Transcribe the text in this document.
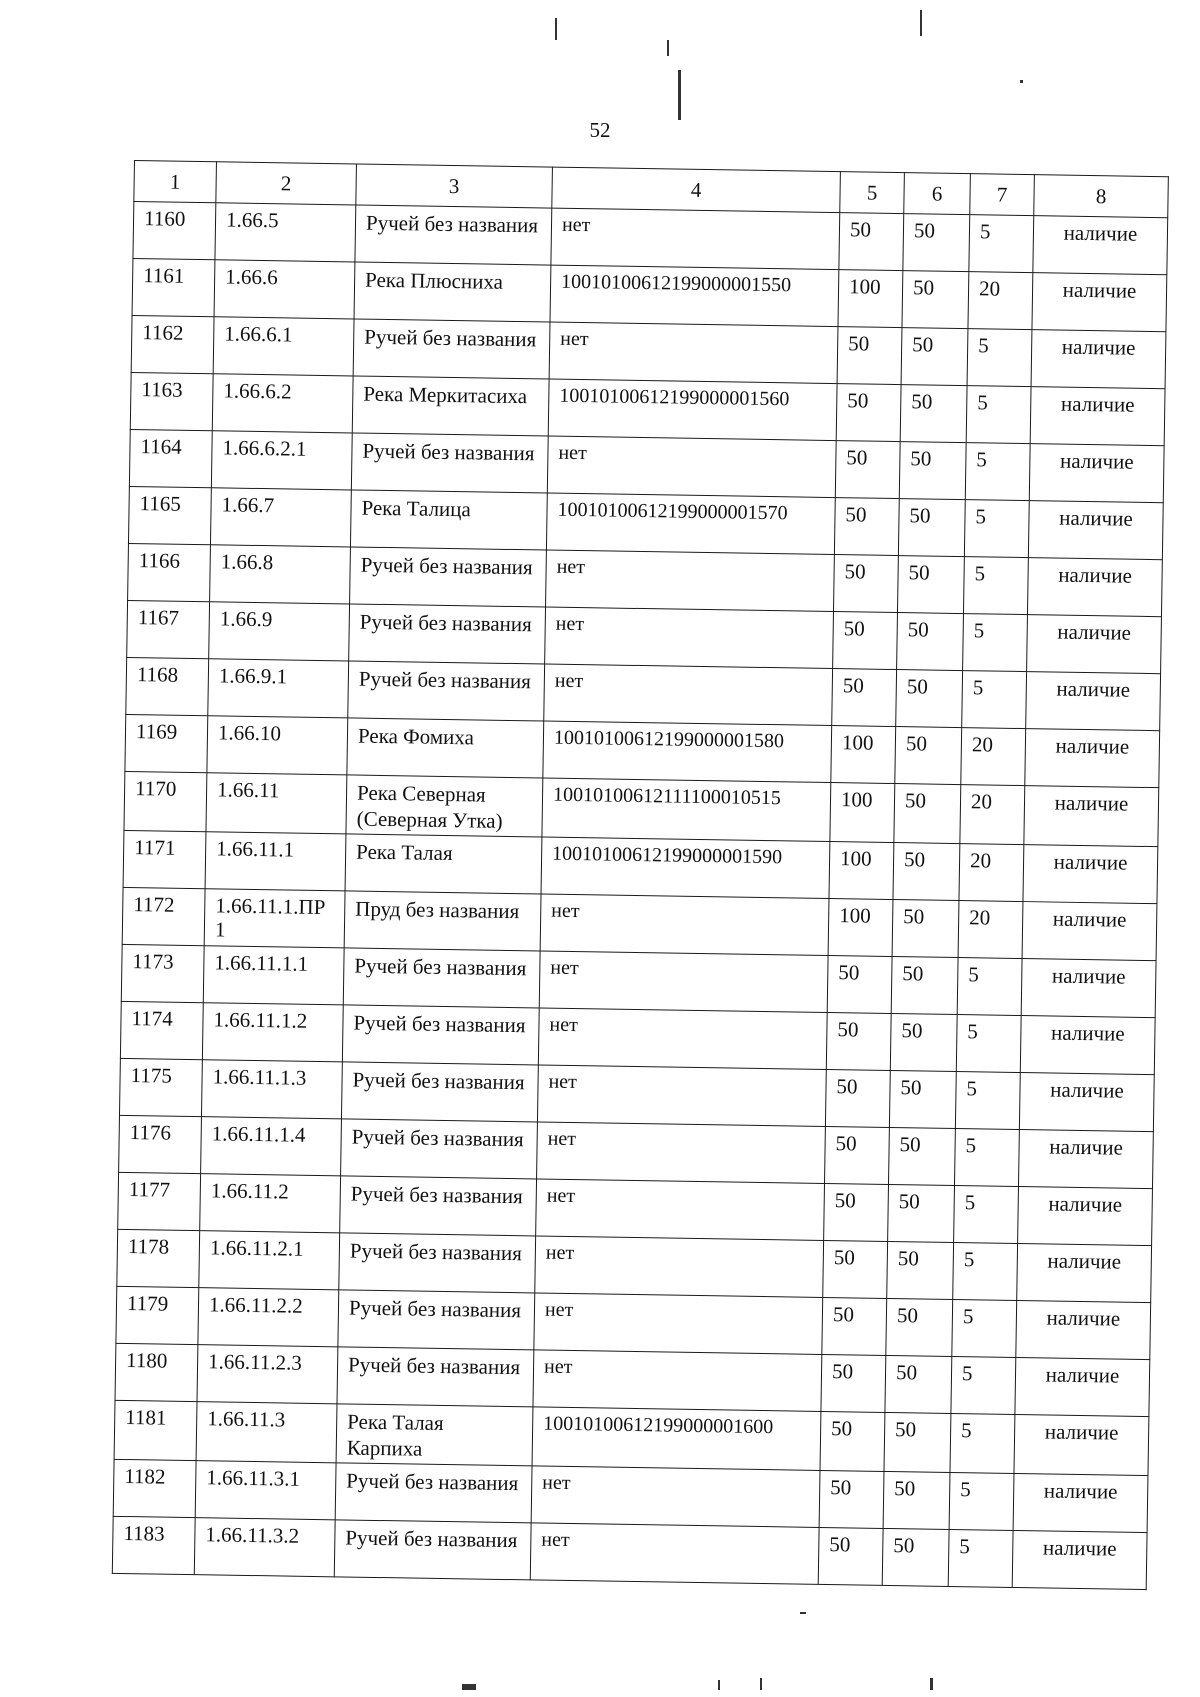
52
1	2	3	4	5	6	7	8
1160	1.66.5	Ручей без названия	нет	50	50	5	наличие
1161	1.66.6	Река Плюсниха	10010100612199000001550	100	50	20	наличие
1162	1.66.6.1	Ручей без названия	нет	50	50	5	наличие
1163	1.66.6.2	Река Меркитасиха	10010100612199000001560	50	50	5	наличие
1164	1.66.6.2.1	Ручей без названия	нет	50	50	5	наличие
1165	1.66.7	Река Талица	10010100612199000001570	50	50	5	наличие
1166	1.66.8	Ручей без названия	нет	50	50	5	наличие
1167	1.66.9	Ручей без названия	нет	50	50	5	наличие
1168	1.66.9.1	Ручей без названия	нет	50	50	5	наличие
1169	1.66.10	Река Фомиха	10010100612199000001580	100	50	20	наличие
1170	1.66.11	Река Северная (Северная Утка)	10010100612111100010515	100	50	20	наличие
1171	1.66.11.1	Река Талая	10010100612199000001590	100	50	20	наличие
1172	1.66.11.1.ПР1	Пруд без названия	нет	100	50	20	наличие
1173	1.66.11.1.1	Ручей без названия	нет	50	50	5	наличие
1174	1.66.11.1.2	Ручей без названия	нет	50	50	5	наличие
1175	1.66.11.1.3	Ручей без названия	нет	50	50	5	наличие
1176	1.66.11.1.4	Ручей без названия	нет	50	50	5	наличие
1177	1.66.11.2	Ручей без названия	нет	50	50	5	наличие
1178	1.66.11.2.1	Ручей без названия	нет	50	50	5	наличие
1179	1.66.11.2.2	Ручей без названия	нет	50	50	5	наличие
1180	1.66.11.2.3	Ручей без названия	нет	50	50	5	наличие
1181	1.66.11.3	Река Талая Карпиха	10010100612199000001600	50	50	5	наличие
1182	1.66.11.3.1	Ручей без названия	нет	50	50	5	наличие
1183	1.66.11.3.2	Ручей без названия	нет	50	50	5	наличие
